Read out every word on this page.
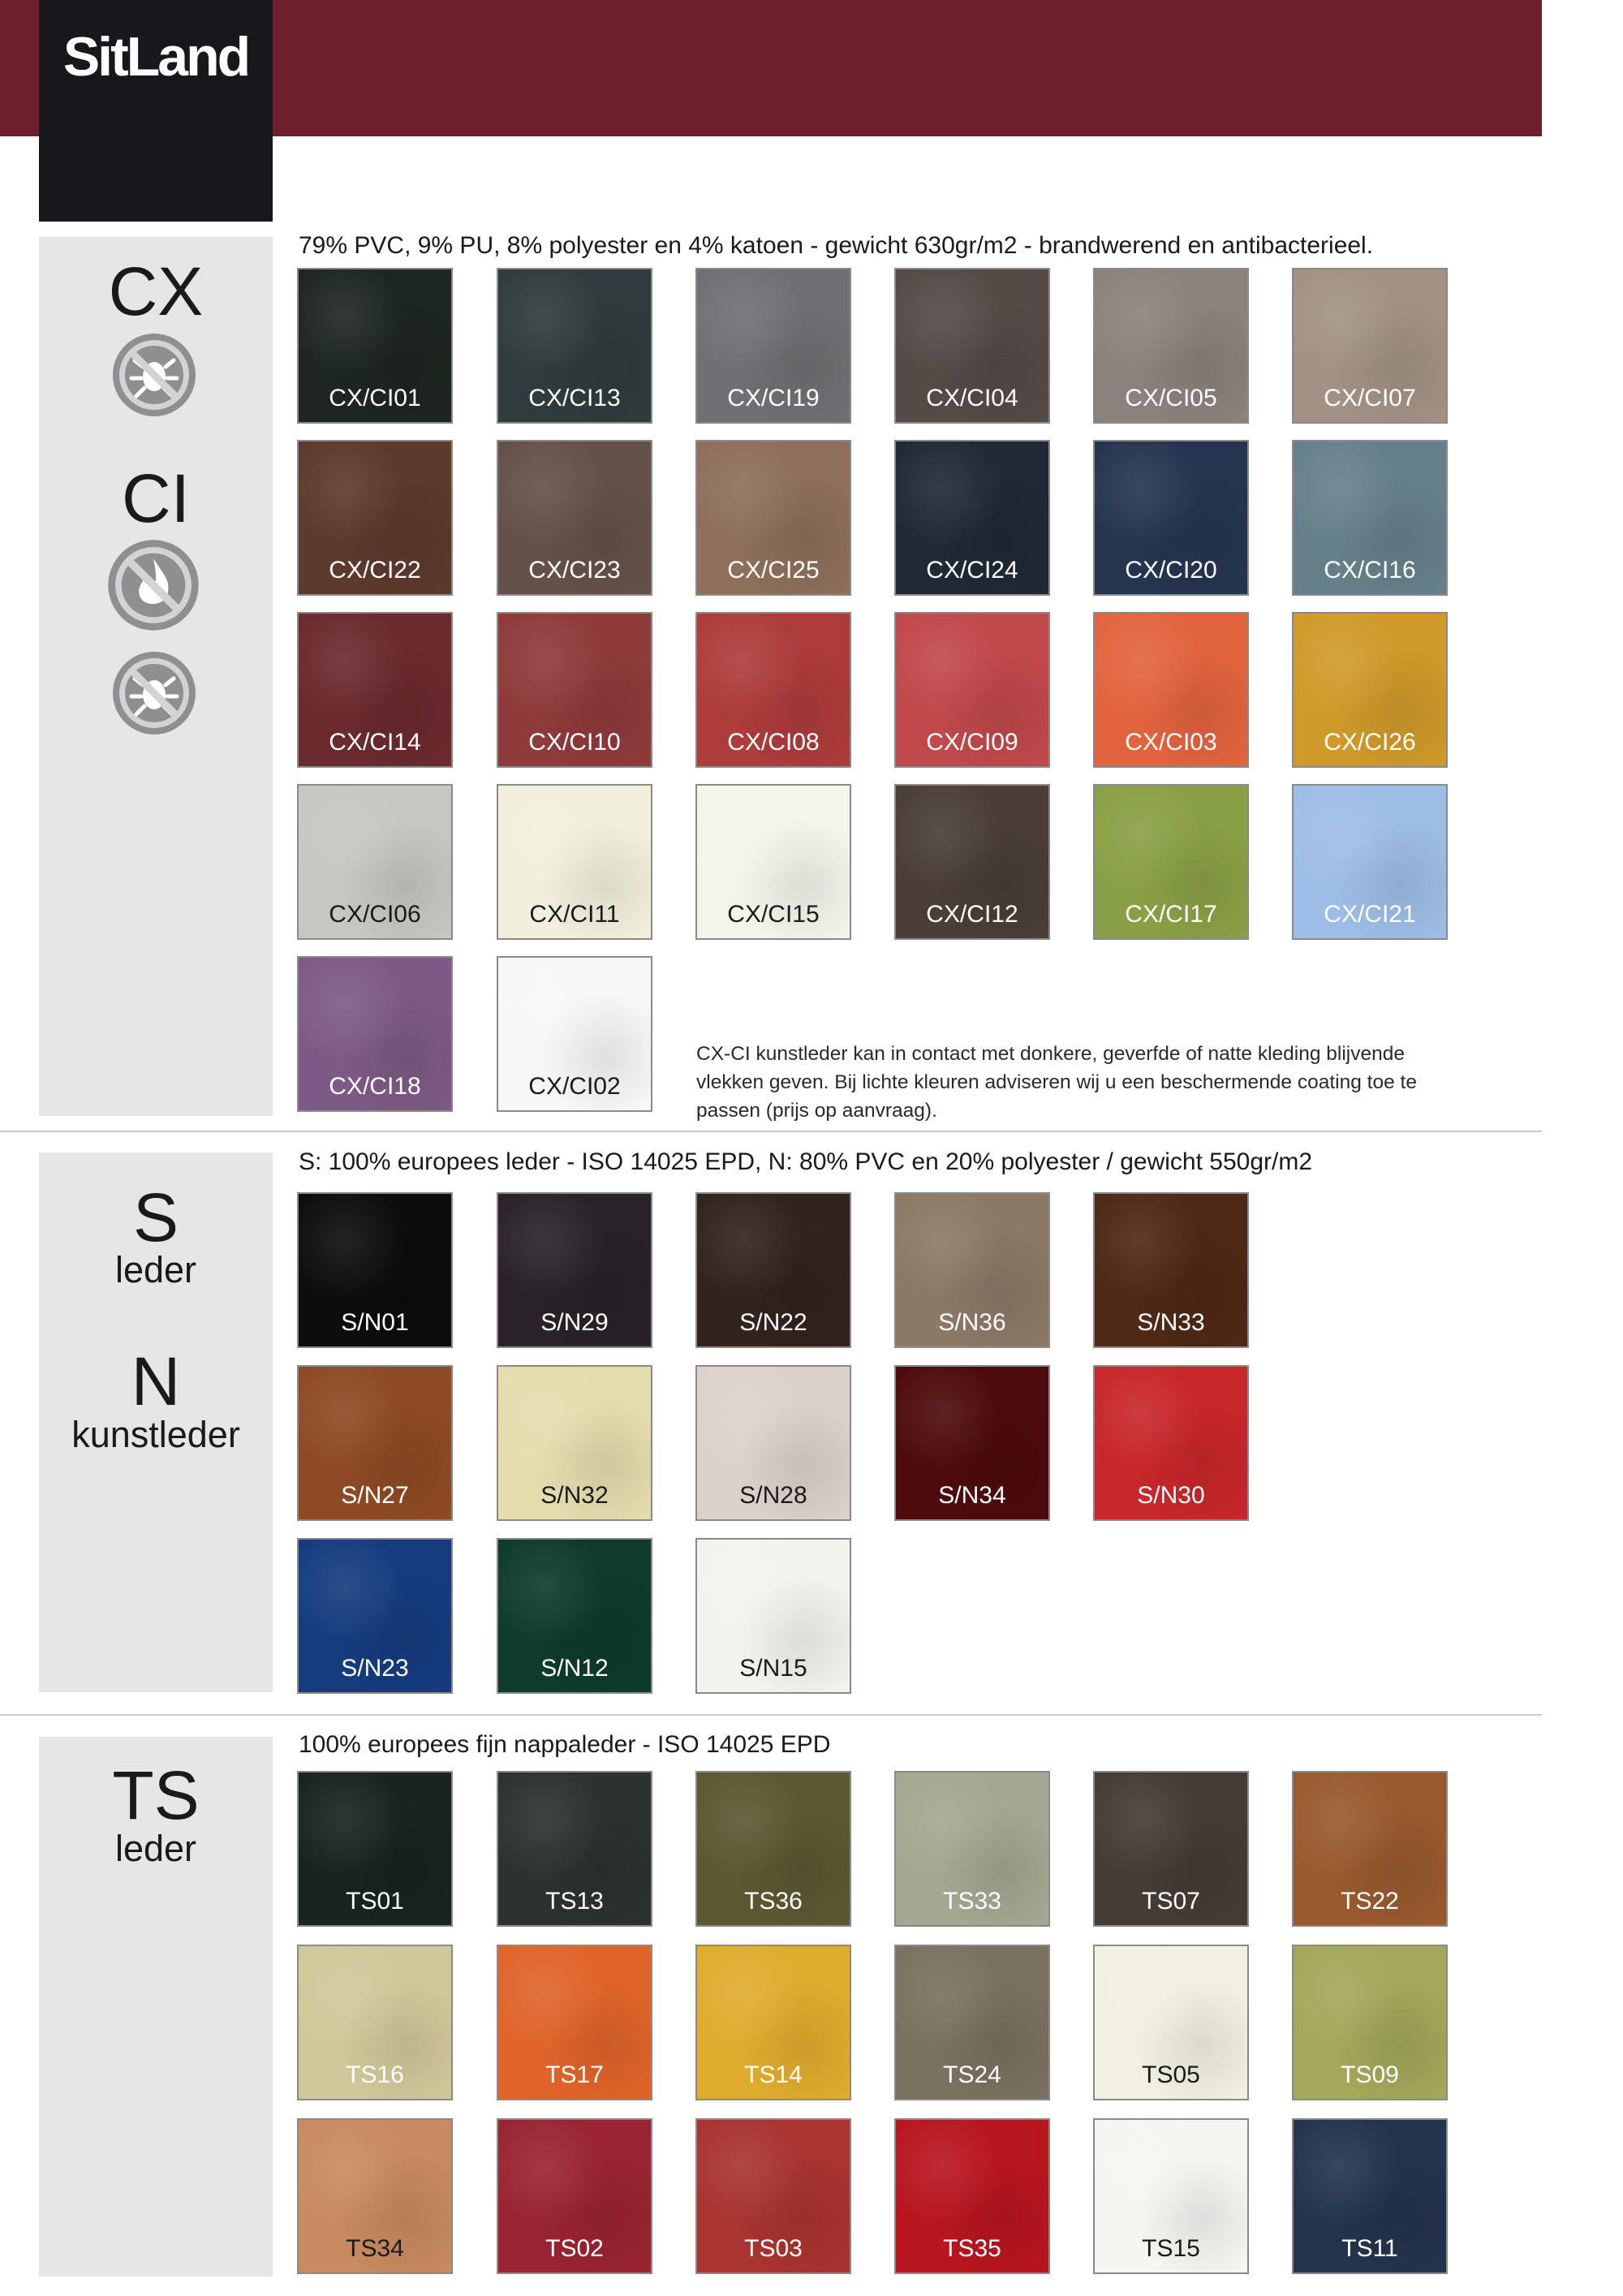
SitLand
CX
CI
S
leder
N
kunstleder
TS
leder
79% PVC, 9% PU, 8% polyester en 4% katoen - gewicht 630gr/m2 - brandwerend en antibacterieel.
S: 100% europees leder - ISO 14025 EPD, N: 80% PVC en 20% polyester / gewicht 550gr/m2
100% europees fijn nappaleder - ISO 14025 EPD
CX/CI01	CX/CI13	CX/CI19	CX/CI04	CX/CI05	CX/CI07
CX/CI22	CX/CI23	CX/CI25	CX/CI24	CX/CI20	CX/CI16
CX/CI14	CX/CI10	CX/CI08	CX/CI09	CX/CI03	CX/CI26
CX/CI06	CX/CI11	CX/CI15	CX/CI12	CX/CI17	CX/CI21
CX/CI18	CX/CI02
S/N01	S/N29	S/N22	S/N36	S/N33
S/N27	S/N32	S/N28	S/N34	S/N30
S/N23	S/N12	S/N15
TS01	TS13	TS36	TS33	TS07	TS22
TS16	TS17	TS14	TS24	TS05	TS09
TS34	TS02	TS03	TS35	TS15	TS11
CX-CI kunstleder kan in contact met donkere, geverfde of natte kleding blijvende vlekken geven. Bij lichte kleuren adviseren wij u een beschermende coating toe te passen (prijs op aanvraag).
